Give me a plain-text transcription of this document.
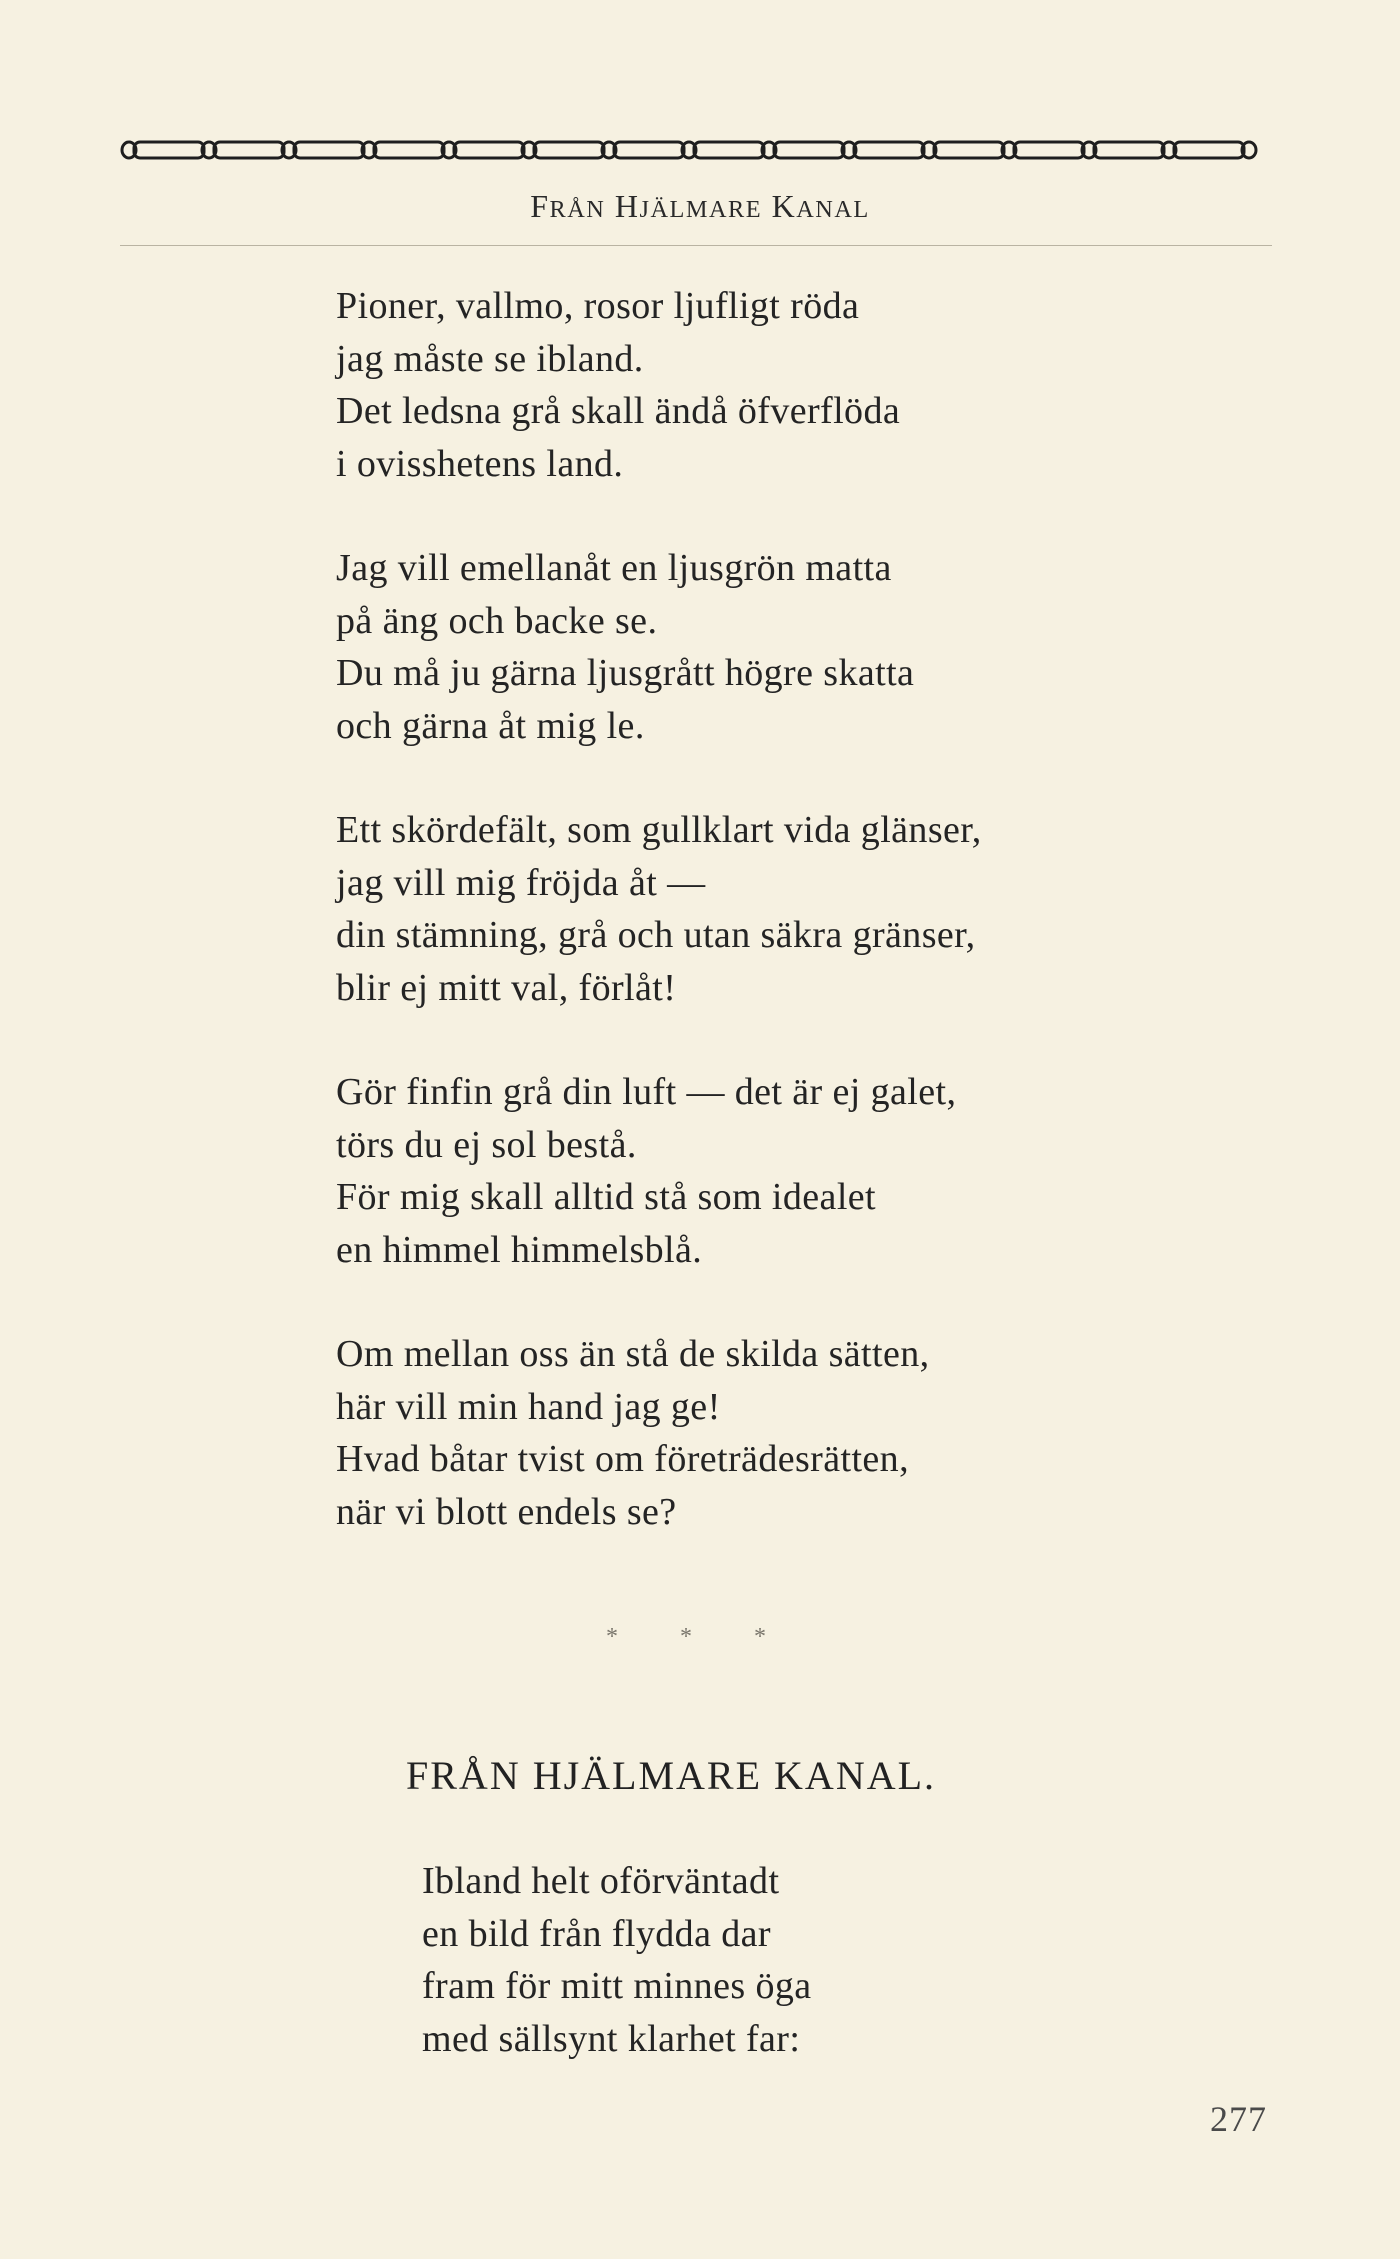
FRÅN HJÄLMARE KANAL
Pioner, vallmo, rosor ljufligt röda
jag måste se ibland.
Det ledsna grå skall ändå öfverflöda
i ovisshetens land.
Jag vill emellanåt en ljusgrön matta
på äng och backe se.
Du må ju gärna ljusgrått högre skatta
och gärna åt mig le.
Ett skördefält, som gullklart vida glänser,
jag vill mig fröjda åt —
din stämning, grå och utan säkra gränser,
blir ej mitt val, förlåt!
Gör finfin grå din luft — det är ej galet,
törs du ej sol bestå.
För mig skall alltid stå som idealet
en himmel himmelsblå.
Om mellan oss än stå de skilda sätten,
här vill min hand jag ge!
Hvad båtar tvist om företrädesrätten,
när vi blott endels se?
* * *
FRÅN HJÄLMARE KANAL.
Ibland helt oförväntadt
en bild från flydda dar
fram för mitt minnes öga
med sällsynt klarhet far:
277
